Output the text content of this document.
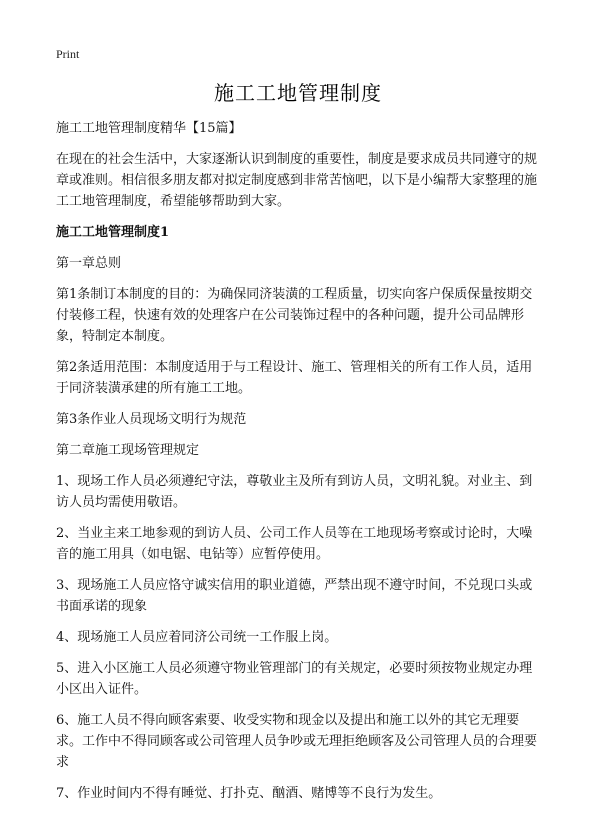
Print
施工工地管理制度

施工工地管理制度精华【15篇】

在现在的社会生活中，大家逐渐认识到制度的重要性，制度是要求成员共同遵守的规章或准则。相信很多朋友都对拟定制度感到非常苦恼吧，以下是小编帮大家整理的施工工地管理制度，希望能够帮助到大家。

施工工地管理制度1

第一章总则

第1条制订本制度的目的：为确保同济装潢的工程质量，切实向客户保质保量按期交付装修工程，快速有效的处理客户在公司装饰过程中的各种问题，提升公司品牌形象，特制定本制度。

第2条适用范围：本制度适用于与工程设计、施工、管理相关的所有工作人员，适用于同济装潢承建的所有施工工地。

第3条作业人员现场文明行为规范

第二章施工现场管理规定

1、现场工作人员必须遵纪守法，尊敬业主及所有到访人员，文明礼貌。对业主、到访人员均需使用敬语。

2、当业主来工地参观的到访人员、公司工作人员等在工地现场考察或讨论时，大噪音的施工用具（如电锯、电钻等）应暂停使用。

3、现场施工人员应恪守诚实信用的职业道德，严禁出现不遵守时间，不兑现口头或书面承诺的现象

4、现场施工人员应着同济公司统一工作服上岗。

5、进入小区施工人员必须遵守物业管理部门的有关规定，必要时须按物业规定办理小区出入证件。

6、施工人员不得向顾客索要、收受实物和现金以及提出和施工以外的其它无理要求。工作中不得同顾客或公司管理人员争吵或无理拒绝顾客及公司管理人员的合理要求

7、作业时间内不得有睡觉、打扑克、酗酒、赌博等不良行为发生。
